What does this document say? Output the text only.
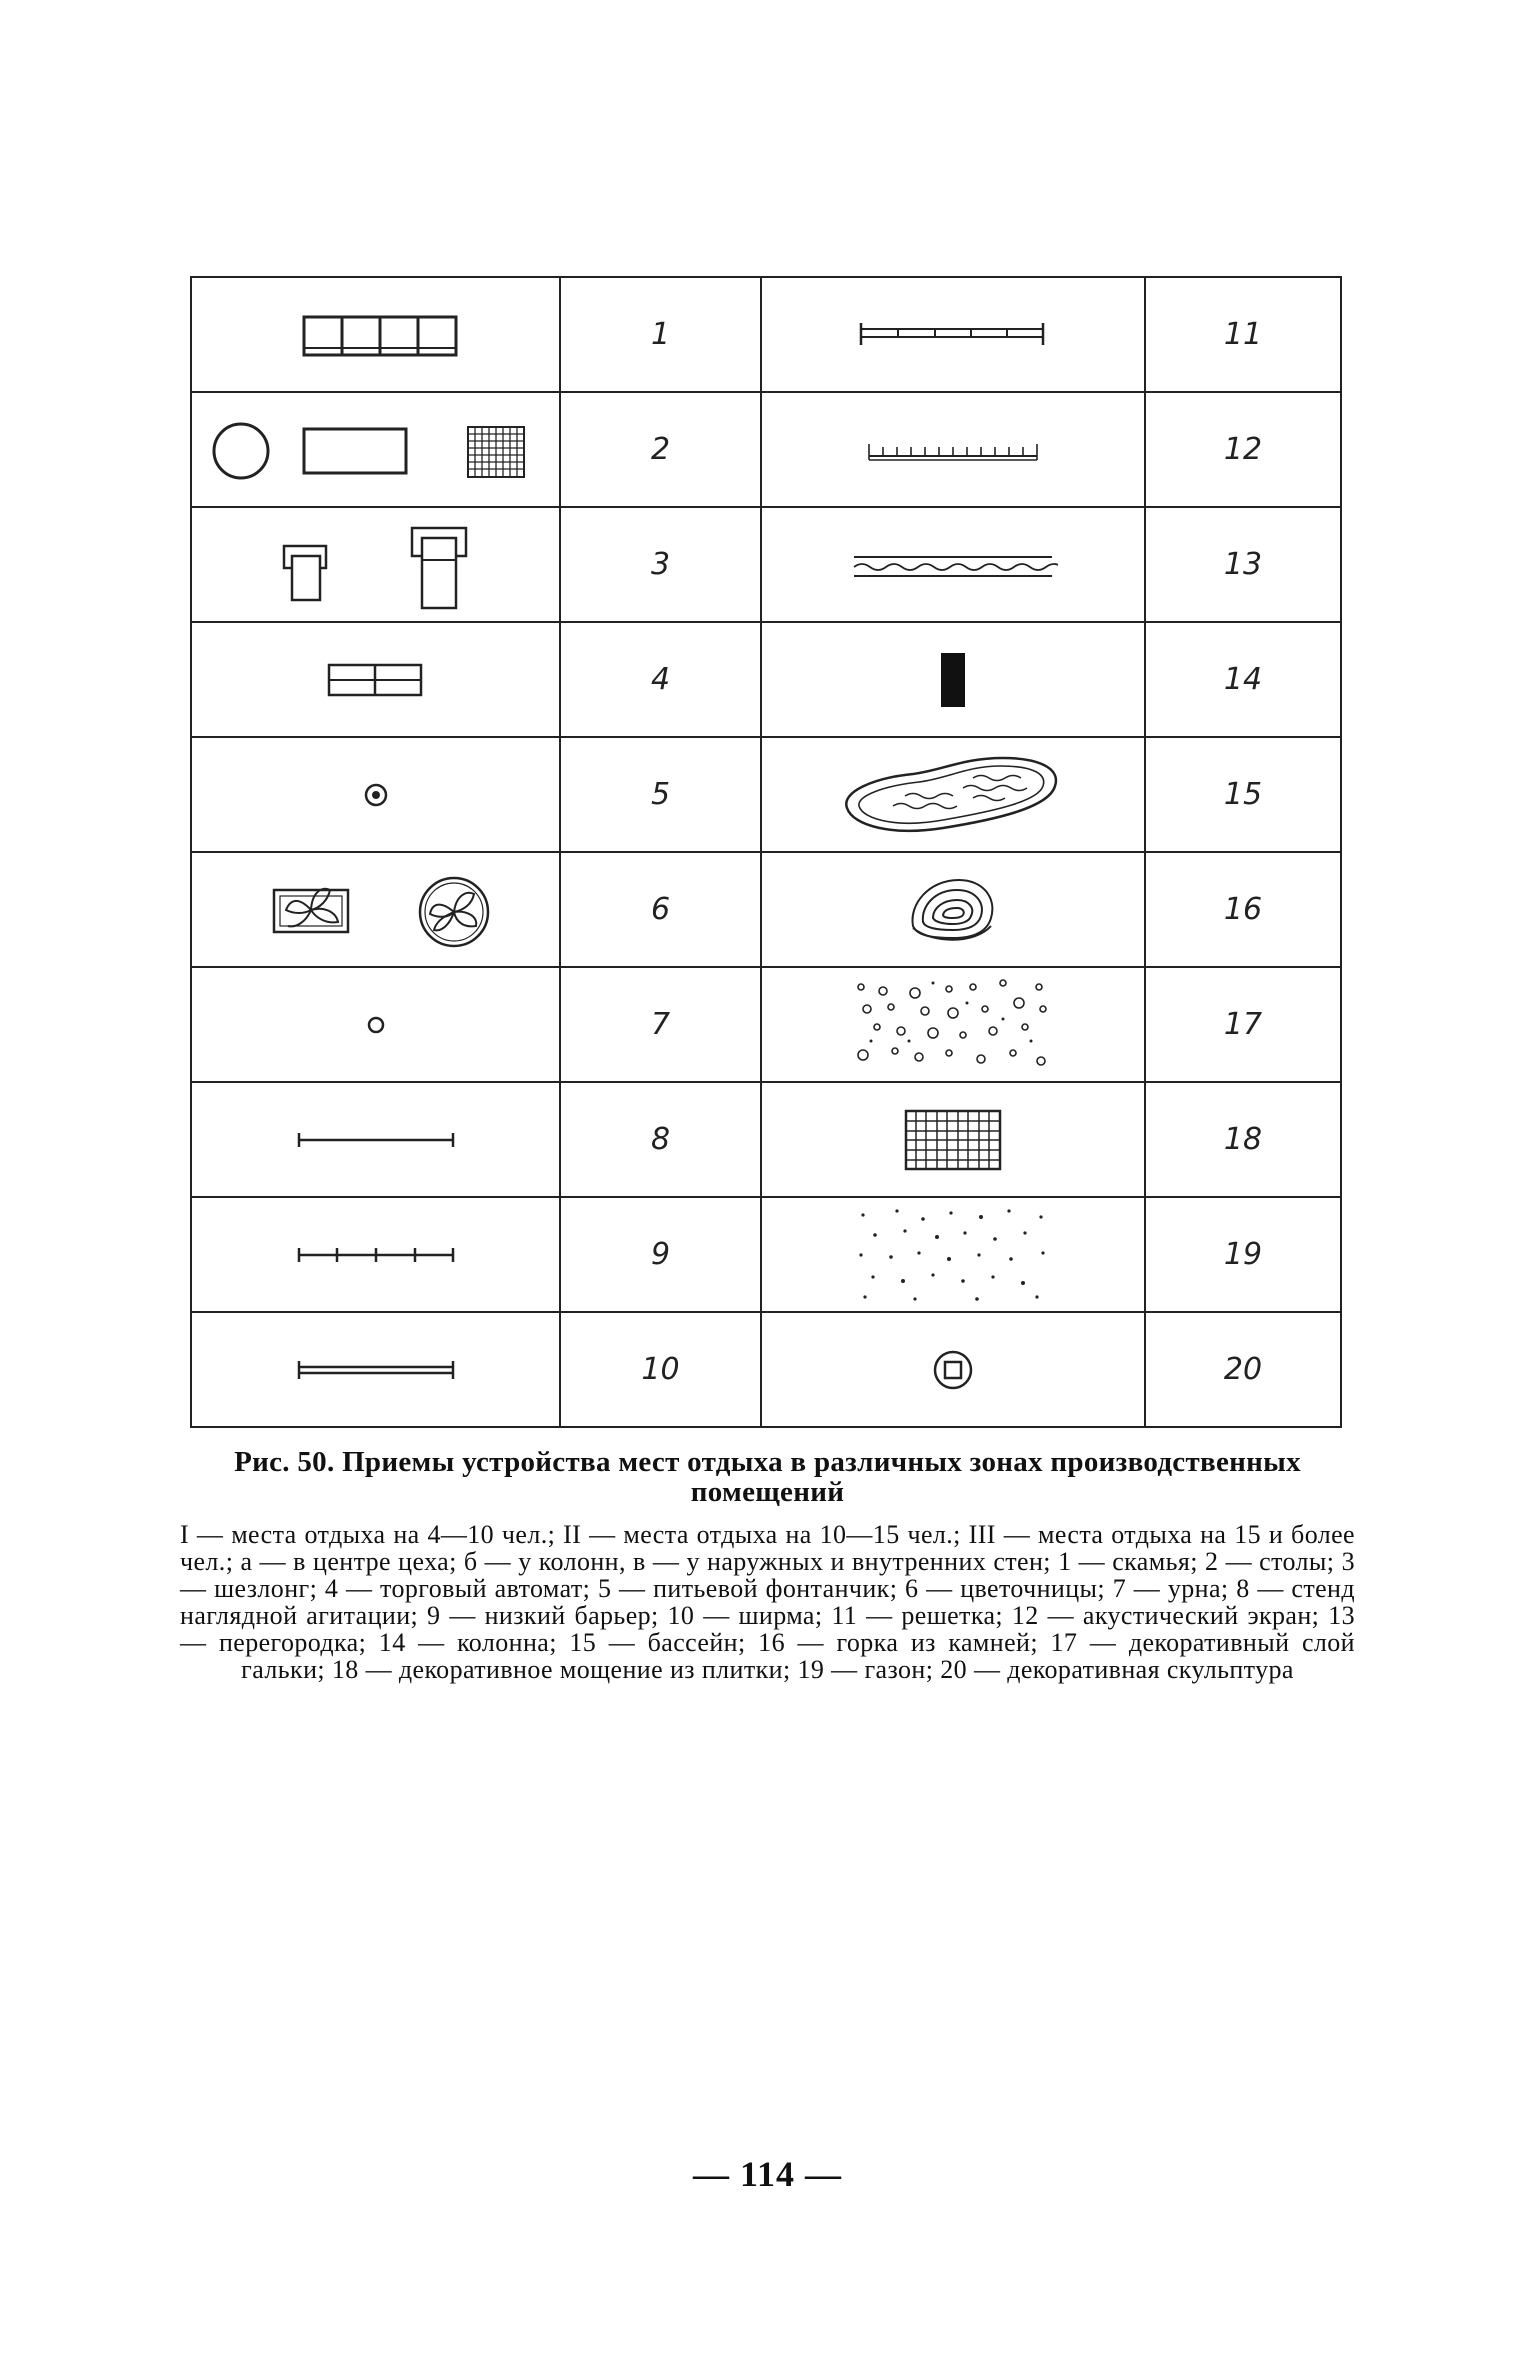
	1		11

	2		12

	3		13

	4		14

	5		15

	6		16

	7		17

	8		18

	9		19

	10		20
Рис. 50. Приемы устройства мест отдыха в различных зонах производственных помещений
I — места отдыха на 4—10 чел.; II — места отдыха на 10—15 чел.; III — места отдыха на 15 и более чел.; а — в центре цеха; б — у колонн, в — у наружных и внутренних стен; 1 — скамья; 2 — столы; 3 — шезлонг; 4 — торговый автомат; 5 — питьевой фонтанчик; 6 — цветочницы; 7 — урна; 8 — стенд наглядной агитации; 9 — низкий барьер; 10 — ширма; 11 — решетка; 12 — акустический экран; 13 — перегородка; 14 — колонна; 15 — бассейн; 16 — горка из камней; 17 — декоративный слой гальки; 18 — декоративное мощение из плитки; 19 — газон; 20 — декоративная скульптура
— 114 —
